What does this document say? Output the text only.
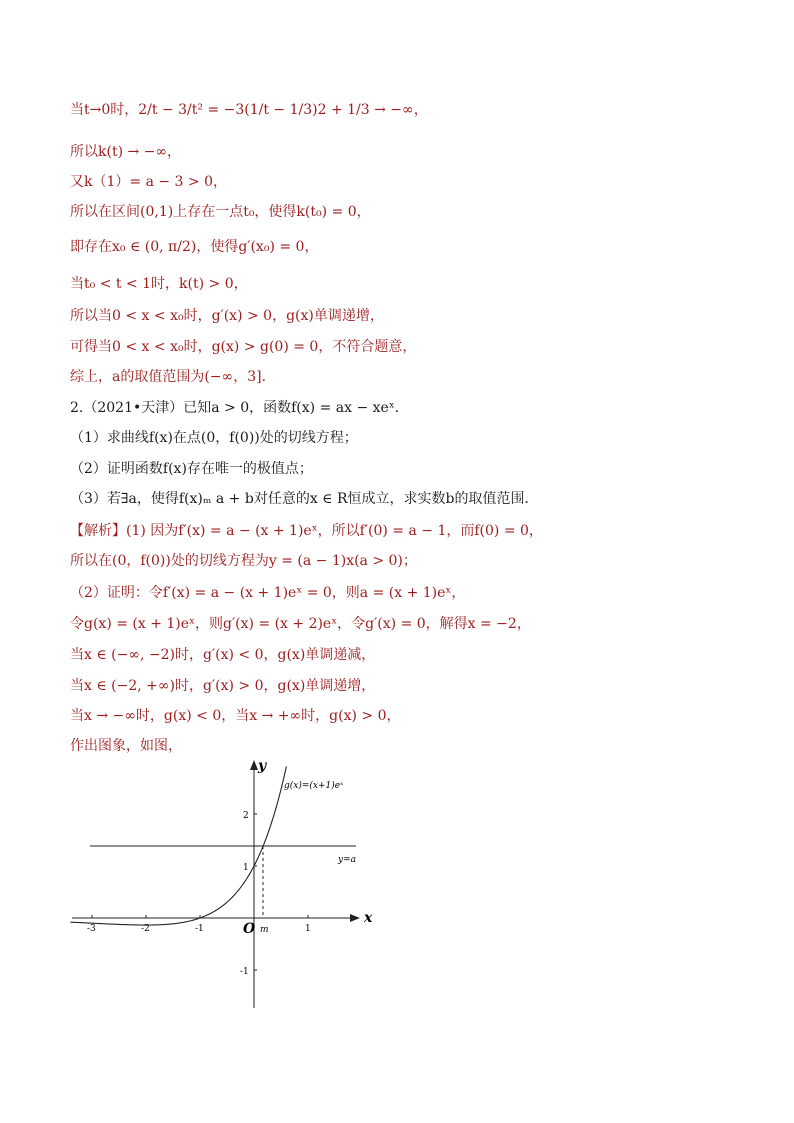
当t→0时，2/t − 3/t² = −3(1/t − 1/3)2 + 1/3 → −∞，
所以k(t) → −∞，
又k（1）= a − 3 > 0，
所以在区间(0,1)上存在一点t₀，使得k(t₀) = 0，
即存在x₀ ∈ (0, π/2)，使得g′(x₀) = 0，
当t₀ < t < 1时，k(t) > 0，
所以当0 < x < x₀时，g′(x) > 0，g(x)单调递增，
可得当0 < x < x₀时，g(x) > g(0) = 0，不符合题意，
综上，a的取值范围为(−∞，3]．
2.（2021•天津）已知a > 0，函数f(x) = ax − xeˣ．
（1）求曲线f(x)在点(0，f(0))处的切线方程；
（2）证明函数f(x)存在唯一的极值点；
（3）若∃a，使得f(x)ₘ a + b对任意的x ∈ R恒成立，求实数b的取值范围．
【解析】(1) 因为f′(x) = a − (x + 1)eˣ，所以f′(0) = a − 1，而f(0) = 0，
所以在(0，f(0))处的切线方程为y = (a − 1)x(a > 0)；
（2）证明：令f′(x) = a − (x + 1)eˣ = 0，则a = (x + 1)eˣ，
令g(x) = (x + 1)eˣ，则g′(x) = (x + 2)eˣ，令g′(x) = 0，解得x = −2，
当x ∈ (−∞, −2)时，g′(x) < 0，g(x)单调递减，
当x ∈ (−2, +∞)时，g′(x) > 0，g(x)单调递增，
当x → −∞时，g(x) < 0，当x → +∞时，g(x) > 0，
作出图象，如图，
x
y
O
-3	-2	-1	1
2
1
-1
m
g(x)=(x+1)eˣ
y=a
